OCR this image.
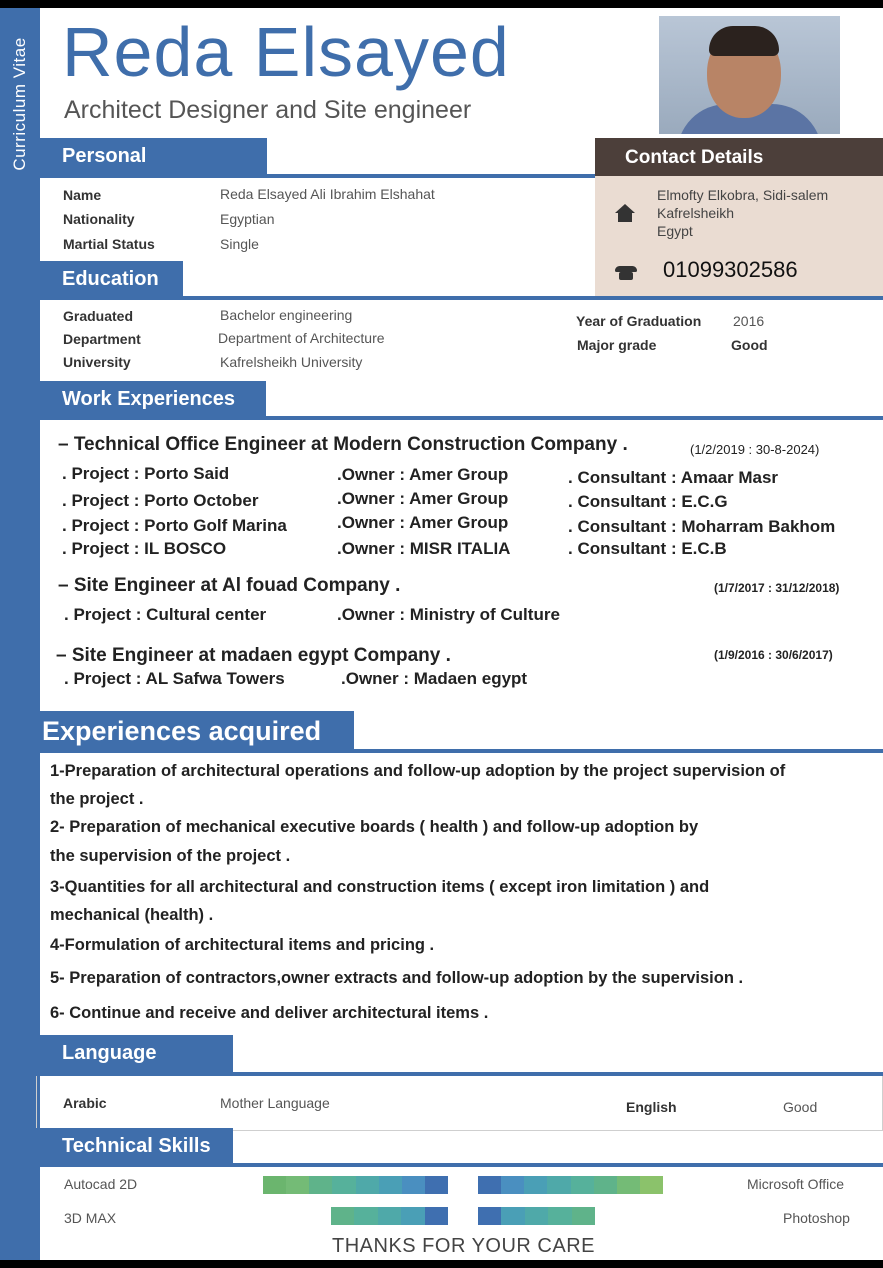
Curriculum Vitae Reda Elsayed
Architect Designer and Site engineer
Personal
Name	Reda Elsayed Ali Ibrahim Elshahat
Nationality	Egyptian
Martial Status	Single
Contact Details
Elmofty Elkobra, Sidi-salem
Kafrelsheikh
Egypt
01099302586
Education
Graduated	Bachelor engineering
Department	Department of Architecture
University	Kafrelsheikh University
Year of Graduation 2016
Major grade	Good
Work Experiences
– Technical Office Engineer at Modern Construction Company .	(1/2/2019 : 30-8-2024)
. Project : Porto Said	.Owner : Amer Group	. Consultant : Amaar Masr
. Project : Porto October	.Owner : Amer Group	. Consultant : E.C.G
. Project : Porto Golf Marina	.Owner : Amer Group	. Consultant : Moharram Bakhom
. Project : IL BOSCO	.Owner : MISR ITALIA	. Consultant : E.C.B
– Site Engineer at Al fouad Company .	(1/7/2017 : 31/12/2018)
. Project : Cultural center	.Owner : Ministry of Culture
– Site Engineer at madaen egypt Company .	(1/9/2016 : 30/6/2017)
. Project : AL Safwa Towers	.Owner : Madaen egypt
Experiences acquired
1-Preparation of architectural operations and follow-up adoption by the project supervision of
the project .
2- Preparation of mechanical executive boards ( health ) and follow-up adoption by
the supervision of the project .
3-Quantities for all architectural and construction items ( except iron limitation ) and
mechanical (health) .
4-Formulation of architectural items and pricing .
5- Preparation of contractors,owner extracts and follow-up adoption by the supervision .
6- Continue and receive and deliver architectural items .
Language
Arabic	Mother Language	English	Good
Technical Skills
Autocad 2D	Microsoft Office
3D MAX	Photoshop
THANKS FOR YOUR CARE
